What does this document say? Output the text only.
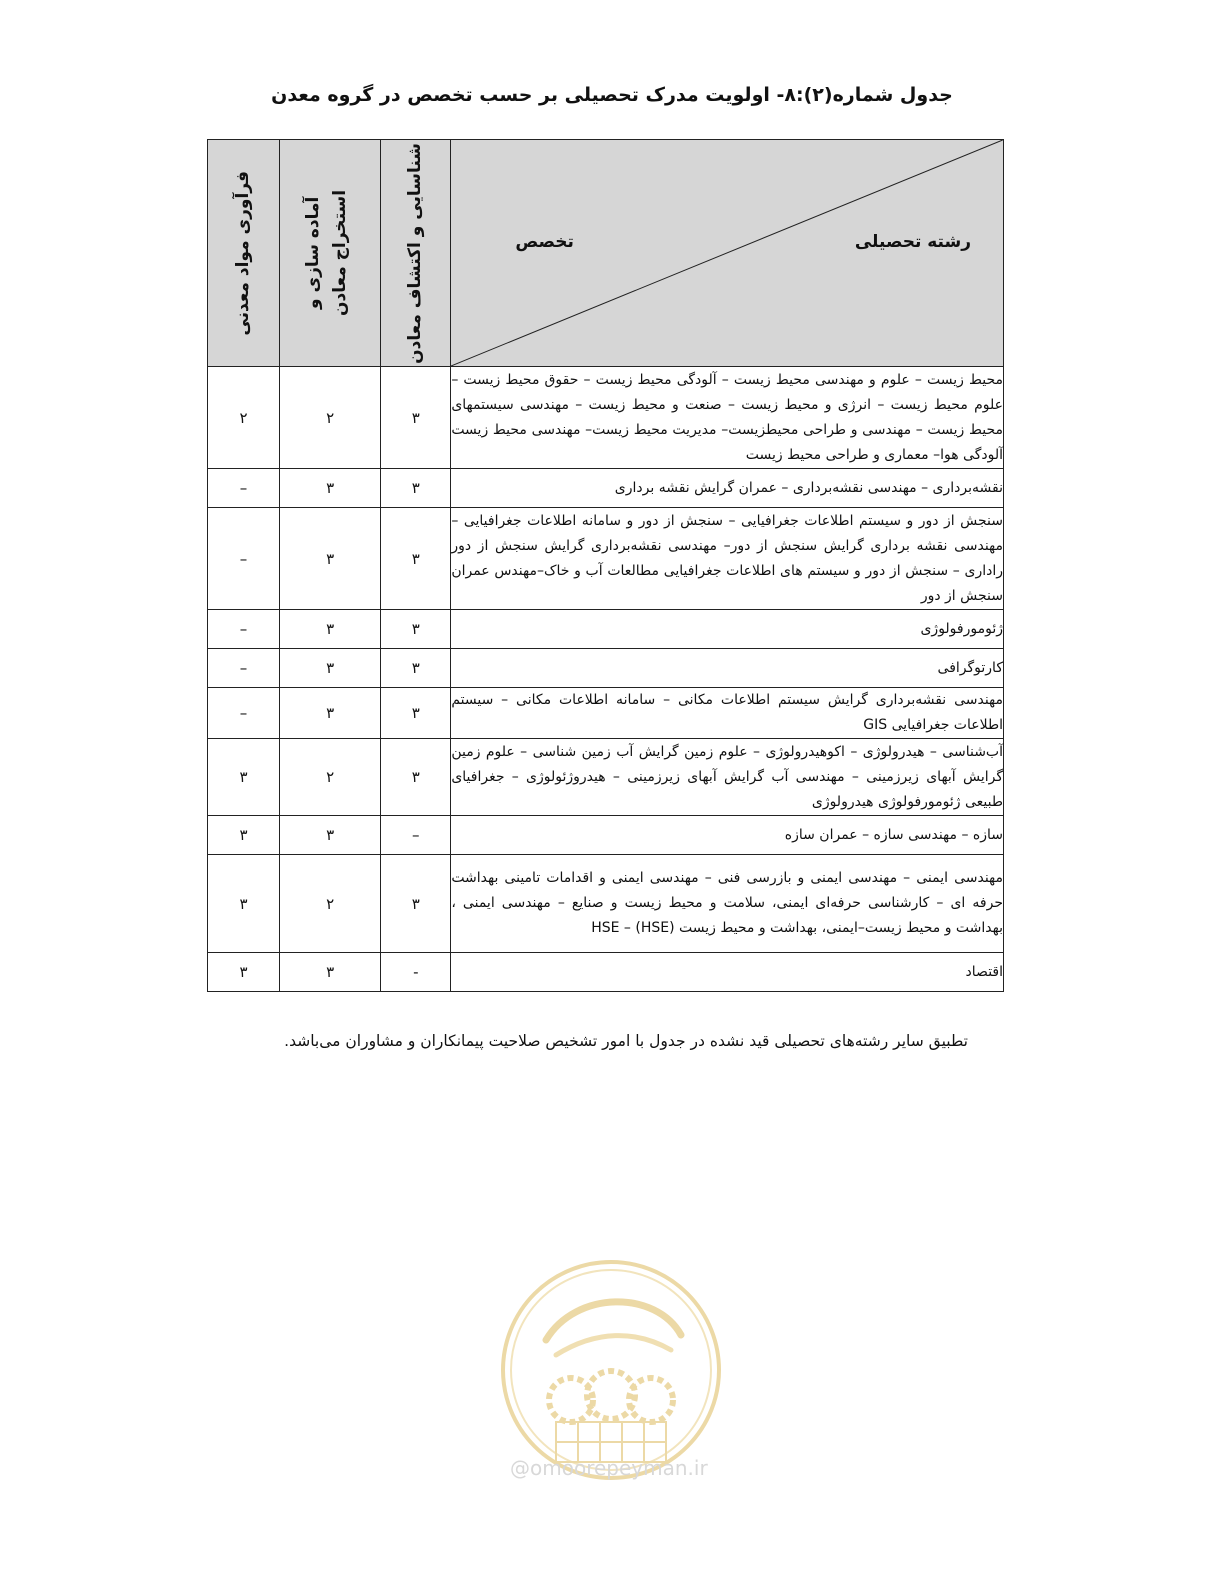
جدول شماره(۲):۸- اولویت مدرک تحصیلی بر حسب تخصص در گروه معدن
رشته تحصیلی
تخصص	شناسایی و اکتشاف معادن	آماده سازی و استخراج معادن	فرآوری مواد معدنی

محیط زیست – علوم و مهندسی محیط زیست – آلودگی محیط زیست – حقوق محیط زیست – علوم محیط زیست – انرژی و محیط زیست – صنعت و محیط زیست – مهندسی سیستمهای محیط زیست – مهندسی و طراحی محیطزیست– مدیریت محیط زیست– مهندسی محیط زیست آلودگی هوا– معماری و طراحی محیط زیست	۳	۲	۲
نقشه‌برداری – مهندسی نقشه‌برداری – عمران گرایش نقشه برداری	۳	۳	–
سنجش از دور و سیستم اطلاعات جغرافیایی – سنجش از دور و سامانه اطلاعات جغرافیایی – مهندسی نقشه برداری گرایش سنجش از دور– مهندسی نقشه‌برداری گرایش سنجش از دور راداری – سنجش از دور و سیستم های اطلاعات جغرافیایی مطالعات آب و خاک–مهندس عمران سنجش از دور	۳	۳	–
ژئومورفولوژی	۳	۳	–
کارتوگرافی	۳	۳	–
مهندسی نقشه‌برداری گرایش سیستم اطلاعات مکانی – سامانه اطلاعات مکانی – سیستم اطلاعات جغرافیایی GIS	۳	۳	–
آب‌شناسی – هیدرولوژی – اکوهیدرولوژی – علوم زمین گرایش آب زمین شناسی – علوم زمین گرایش آبهای زیرزمینی – مهندسی آب گرایش آبهای زیرزمینی – هیدروژئولوژی – جغرافیای طبیعی ژئومورفولوژی هیدرولوژی	۳	۲	۳
سازه – مهندسی سازه – عمران سازه	–	۳	۳
مهندسی ایمنی – مهندسی ایمنی و بازرسی فنی – مهندسی ایمنی و اقدامات تامینی بهداشت حرفه ای – کارشناسی حرفه‌ای ایمنی، سلامت و محیط زیست و صنایع – مهندسی ایمنی ، بهداشت و محیط زیست–ایمنی، بهداشت و محیط زیست (HSE) – HSE	۳	۲	۳
اقتصاد	-	۳	۳
تطبیق سایر رشته‌های تحصیلی قید نشده در جدول با امور تشخیص صلاحیت پیمانکاران و مشاوران می‌باشد.
@omoorepeyman.ir
